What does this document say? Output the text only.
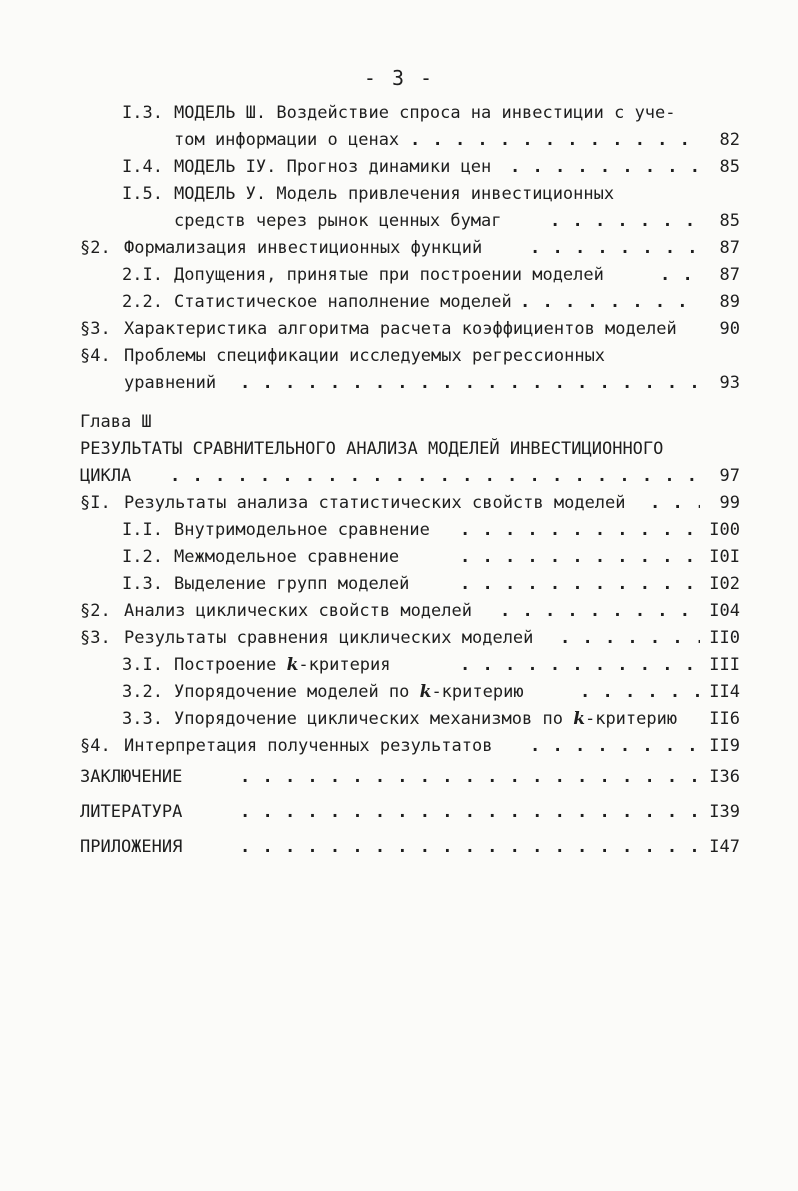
- 3 -
I.3. МОДЕЛЬ Ш. Воздействие спроса на инвестиции с уче-
том информации о ценах . . .	82
I.4. МОДЕЛЬ IУ. Прогноз динамики цен . . .	85
I.5. МОДЕЛЬ У. Модель привлечения инвестиционных
средств через рынок ценных бумаг . . .	85
§2. Формализация инвестиционных функций . . .	87
2.I. Допущения, принятые при построении моделей . . .	87
2.2. Статистическое наполнение моделей . . .	89
§3. Характеристика алгоритма расчета коэффициентов моделей	90
§4. Проблемы спецификации исследуемых регрессионных
уравнений . . .	93
Глава Ш
РЕЗУЛЬТАТЫ СРАВНИТЕЛЬНОГО АНАЛИЗА МОДЕЛЕЙ ИНВЕСТИЦИОННОГО
ЦИКЛА . . .	97
§I. Результаты анализа статистических свойств моделей . . .	99
I.I. Внутримодельное сравнение . . .	I00
I.2. Межмодельное сравнение . . .	I0I
I.3. Выделение групп моделей . . .	I02
§2. Анализ циклических свойств моделей . . .	I04
§3. Результаты сравнения циклических моделей . . .	II0
3.I. Построение k-критерия . . .	III
3.2. Упорядочение моделей по k-критерию . . .	II4
3.3. Упорядочение циклических механизмов по k-критерию II6
§4. Интерпретация полученных результатов . . .	II9
ЗАКЛЮЧЕНИЕ . . .	I36
ЛИТЕРАТУРА . . .	I39
ПРИЛОЖЕНИЯ . . .	I47
